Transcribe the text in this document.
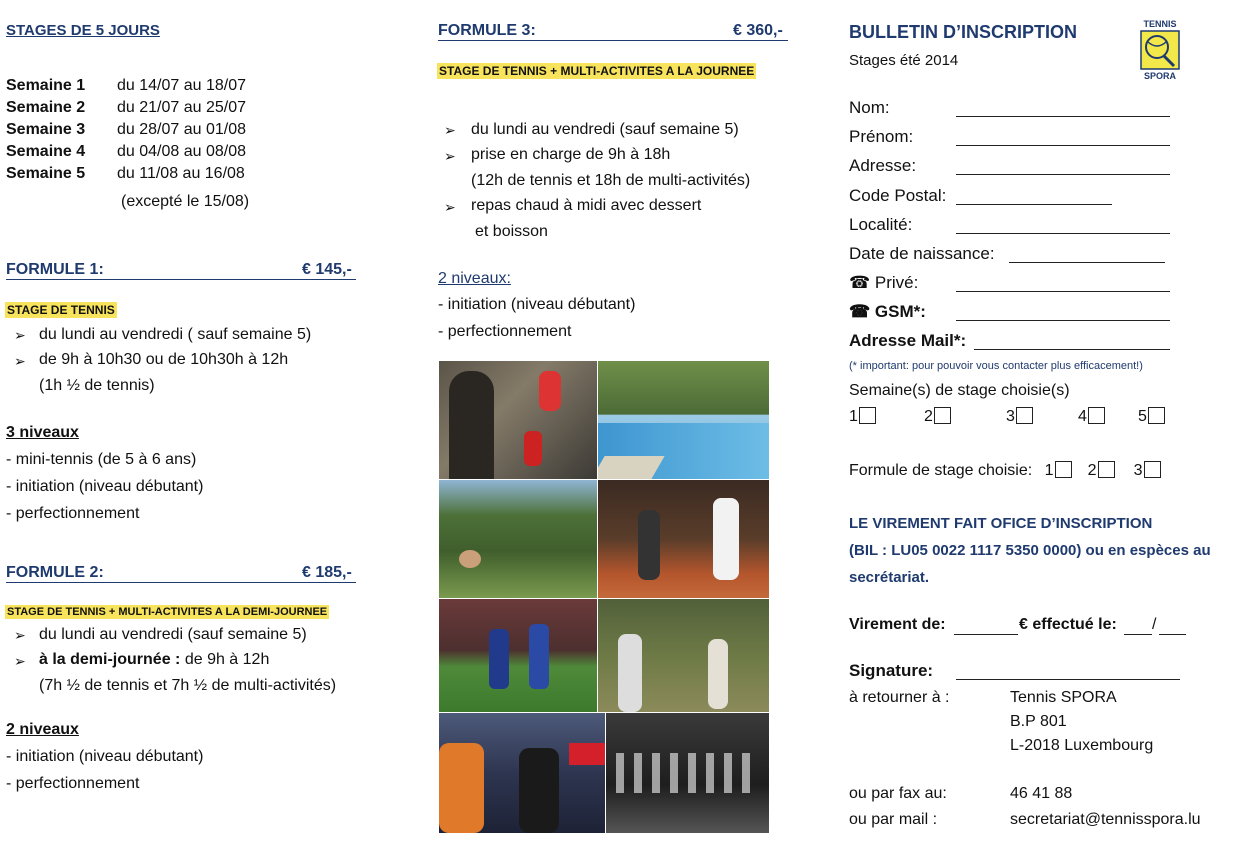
STAGES DE 5 JOURS
Semaine 1 du 14/07 au 18/07
Semaine 2 du 21/07 au 25/07
Semaine 3 du 28/07 au 01/08
Semaine 4 du 04/08 au 08/08
Semaine 5 du 11/08 au 16/08
(excepté le 15/08)
FORMULE 1:	€ 145,-
STAGE DE TENNIS
➢ du lundi au vendredi ( sauf semaine 5)
➢ de 9h à 10h30 ou de 10h30h à 12h
(1h ½ de tennis)
3 niveaux
- mini-tennis (de 5 à 6 ans)
- initiation (niveau débutant)
- perfectionnement
FORMULE 2:	€ 185,-
STAGE DE TENNIS + MULTI-ACTIVITES A LA DEMI-JOURNEE
➢ du lundi au vendredi (sauf semaine 5)
➢ à la demi-journée : de 9h à 12h
(7h ½ de tennis et 7h ½ de multi-activités)
2 niveaux
- initiation (niveau débutant)
- perfectionnement
FORMULE 3:	€ 360,-
STAGE DE TENNIS + MULTI-ACTIVITES A LA JOURNEE
➢ du lundi au vendredi (sauf semaine 5)
➢ prise en charge de 9h à 18h
(12h de tennis et 18h de multi-activités)
➢ repas chaud à midi avec dessert
et boisson
2 niveaux:
- initiation (niveau débutant)
- perfectionnement
BULLETIN D’INSCRIPTION
Stages été 2014
TENNIS
SPORA
Nom:
Prénom:
Adresse:
Code Postal:
Localité:
Date de naissance:
☎ Privé:
☎ GSM*:
Adresse Mail*:
(* important: pour pouvoir vous contacter plus efficacement!)
Semaine(s) de stage choisie(s)
1	2	3	4	5
Formule de stage choisie: 1 2 3
LE VIREMENT FAIT OFICE D’INSCRIPTION
(BIL : LU05 0022 1117 5350 0000) ou en espèces au
secrétariat.
Virement de:	€ effectué le: /
Signature:
à retourner à :	Tennis SPORA
B.P 801
L-2018 Luxembourg
ou par fax au:	46 41 88
ou par mail :	secretariat@tennisspora.lu
